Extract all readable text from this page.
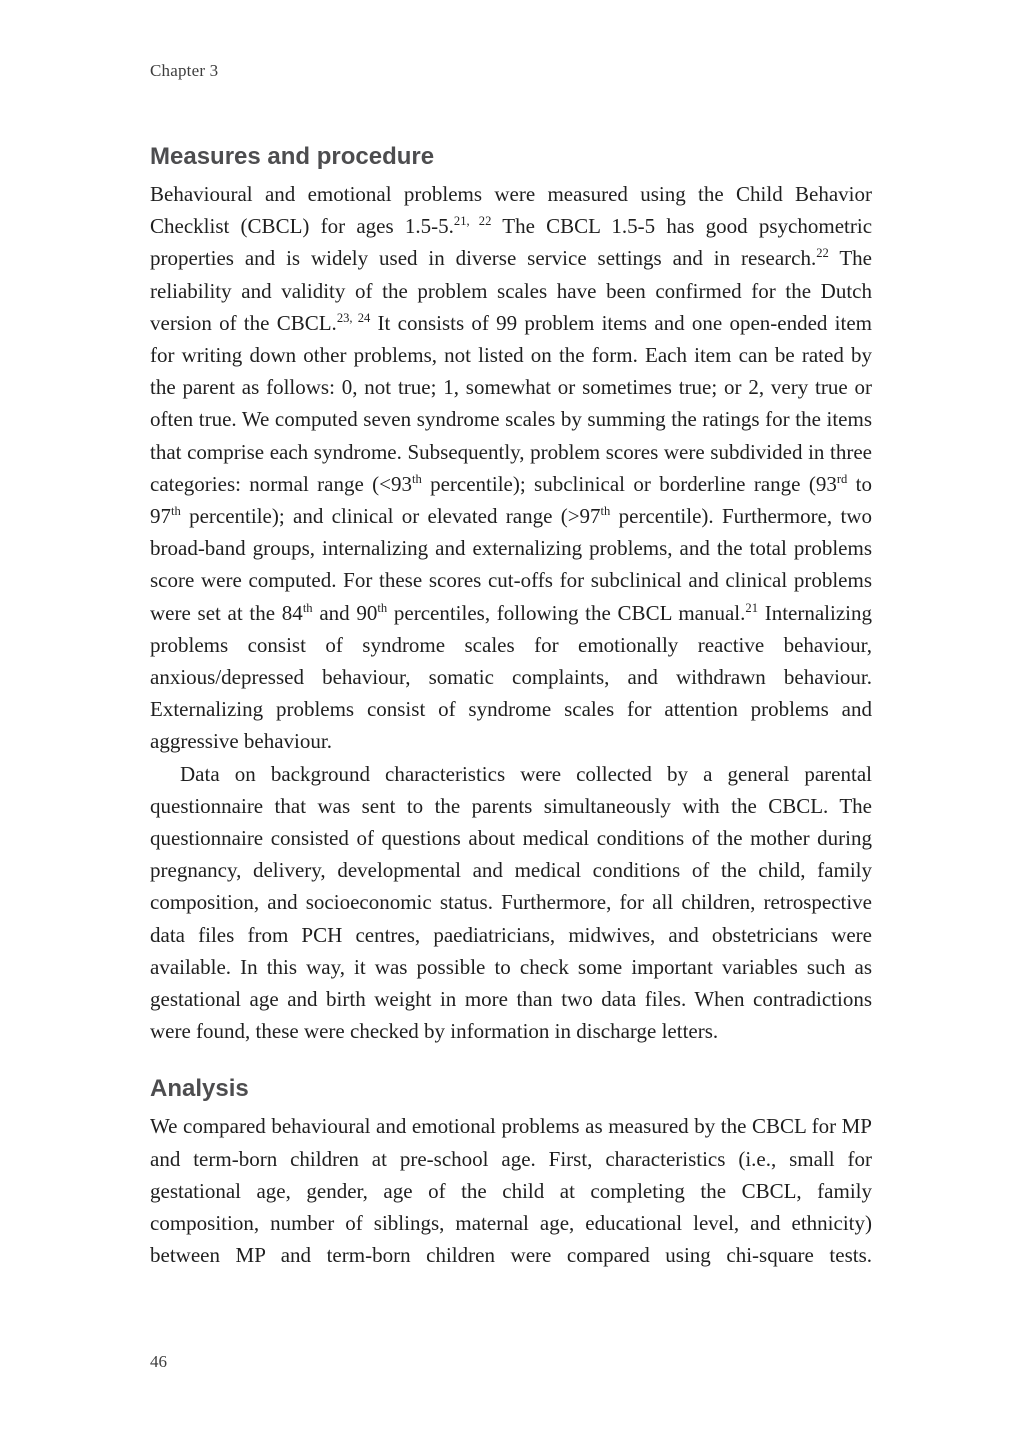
Chapter 3
Measures and procedure

Behavioural and emotional problems were measured using the Child Behavior Checklist (CBCL) for ages 1.5-5.$^{21, 22}$ The CBCL 1.5-5 has good psychometric properties and is widely used in diverse service settings and in research.$^{22}$ The reliability and validity of the problem scales have been confirmed for the Dutch version of the CBCL.$^{23, 24}$ It consists of 99 problem items and one open-ended item for writing down other problems, not listed on the form. Each item can be rated by the parent as follows: 0, not true; 1, somewhat or sometimes true; or 2, very true or often true. We computed seven syndrome scales by summing the ratings for the items that comprise each syndrome. Subsequently, problem scores were subdivided in three categories: normal range (<93th percentile); subclinical or borderline range (93rd to 97th percentile); and clinical or elevated range (>97th percentile). Furthermore, two broad-band groups, internalizing and externalizing problems, and the total problems score were computed. For these scores cut-offs for subclinical and clinical problems were set at the 84th and 90th percentiles, following the CBCL manual.$^{21}$ Internalizing problems consist of syndrome scales for emotionally reactive behaviour, anxious/depressed behaviour, somatic complaints, and withdrawn behaviour. Externalizing problems consist of syndrome scales for attention problems and aggressive behaviour.

Data on background characteristics were collected by a general parental questionnaire that was sent to the parents simultaneously with the CBCL. The questionnaire consisted of questions about medical conditions of the mother during pregnancy, delivery, developmental and medical conditions of the child, family composition, and socioeconomic status. Furthermore, for all children, retrospective data files from PCH centres, paediatricians, midwives, and obstetricians were available. In this way, it was possible to check some important variables such as gestational age and birth weight in more than two data files. When contradictions were found, these were checked by information in discharge letters.

Analysis

We compared behavioural and emotional problems as measured by the CBCL for MP and term-born children at pre-school age. First, characteristics (i.e., small for gestational age, gender, age of the child at completing the CBCL, family composition, number of siblings, maternal age, educational level, and ethnicity) between MP and term-born children were compared using chi-square tests.

46
